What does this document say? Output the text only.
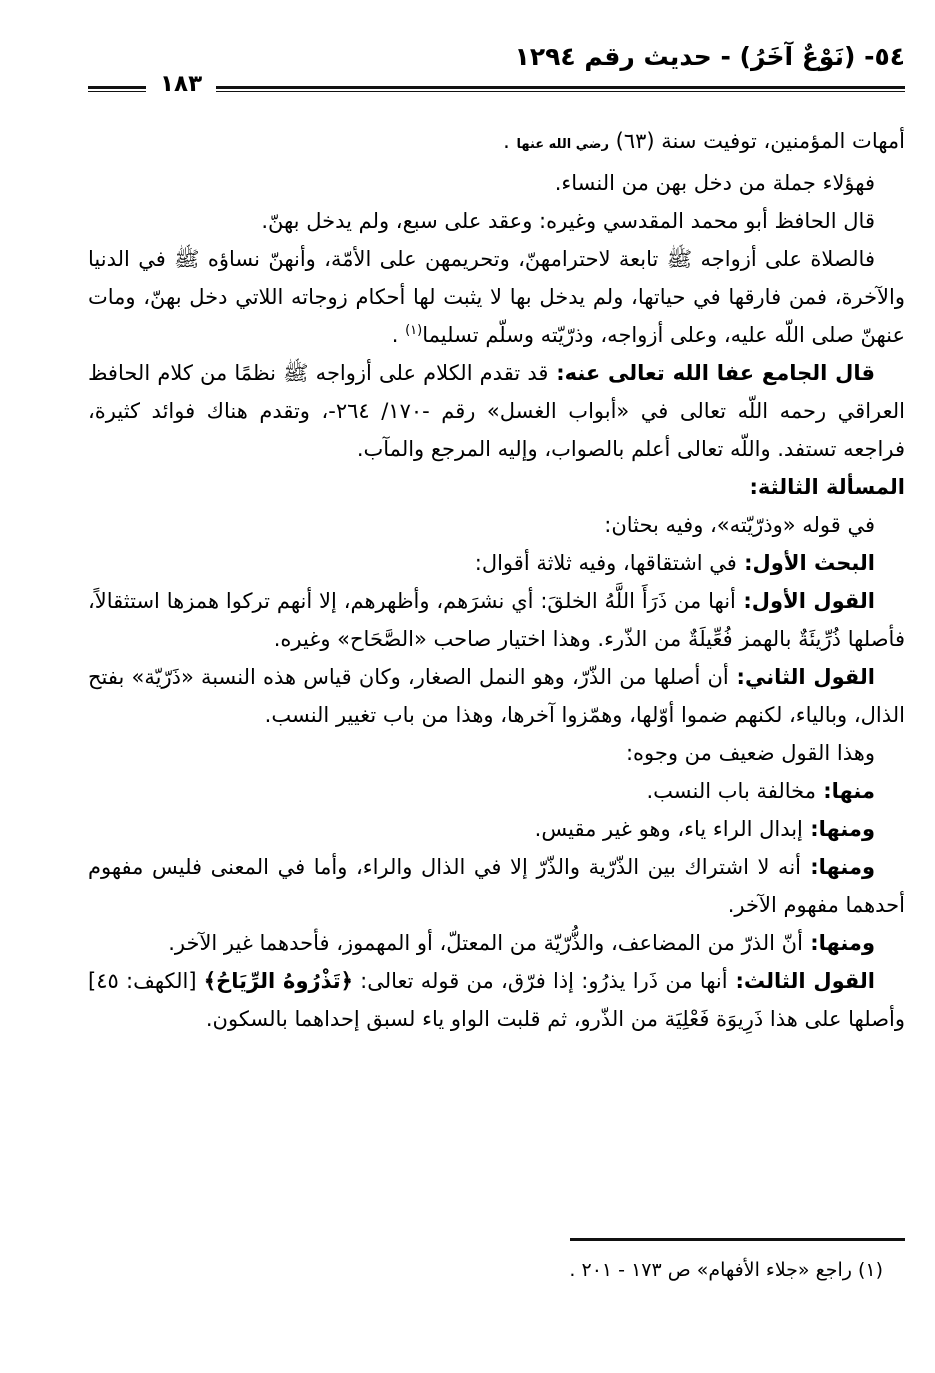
٥٤- (نَوْعٌ آخَرُ) - حديث رقم ١٢٩٤
١٨٣

أمهات المؤمنين، توفيت سنة (٦٣) رضي الله عنها .

فهؤلاء جملة من دخل بهن من النساء.

قال الحافظ أبو محمد المقدسي وغيره: وعقد على سبع، ولم يدخل بهنّ.

فالصلاة على أزواجه ﷺ تابعة لاحترامهنّ، وتحريمهن على الأمّة، وأنهنّ نساؤه ﷺ في الدنيا والآخرة، فمن فارقها في حياتها، ولم يدخل بها لا يثبت لها أحكام زوجاته اللاتي دخل بهنّ، ومات عنهنّ صلى اللّه عليه، وعلى أزواجه، وذرّيّته وسلّم تسليما$^{(١)}$ .

قال الجامع عفا الله تعالى عنه: قد تقدم الكلام على أزواجه ﷺ نظمًا من كلام الحافظ العراقي رحمه اللّه تعالى في «أبواب الغسل» رقم -١٧٠/ ٢٦٤-، وتقدم هناك فوائد كثيرة، فراجعه تستفد. واللّه تعالى أعلم بالصواب، وإليه المرجع والمآب.

المسألة الثالثة:

في قوله «وذرّيّته»، وفيه بحثان:

البحث الأول: في اشتقاقها، وفيه ثلاثة أقوال:

القول الأول: أنها من ذَرَأَ اللَّهُ الخلقَ: أي نشرَهم، وأظهرهم، إلا أنهم تركوا همزها استثقالاً، فأصلها ذُرِّيئَةٌ بالهمز فُعِّيلَةٌ من الذّرء. وهذا اختيار صاحب «الصَّحَاح» وغيره.

القول الثاني: أن أصلها من الذّرّ، وهو النمل الصغار، وكان قياس هذه النسبة «ذَرّيّة» بفتح الذال، وبالياء، لكنهم ضموا أوّلها، وهمّزوا آخرها، وهذا من باب تغيير النسب.

وهذا القول ضعيف من وجوه:

منها: مخالفة باب النسب.

ومنها: إبدال الراء ياء، وهو غير مقيس.

ومنها: أنه لا اشتراك بين الذّرّية والذّرّ إلا في الذال والراء، وأما في المعنى فليس مفهوم أحدهما مفهوم الآخر.

ومنها: أنّ الذرّ من المضاعف، والذُّرّيّة من المعتلّ، أو المهموز، فأحدهما غير الآخر.

القول الثالث: أنها من ذَرا يذرُو: إذا فرّق، من قوله تعالى: ﴿تَذْرُوهُ الرِّيَاحُ﴾ [الكهف: ٤٥] وأصلها على هذا ذَرِيوَة فَعْلِيَة من الذّرو، ثم قلبت الواو ياء لسبق إحداهما بالسكون.

(١) راجع «جلاء الأفهام» ص ١٧٣ - ٢٠١ .
